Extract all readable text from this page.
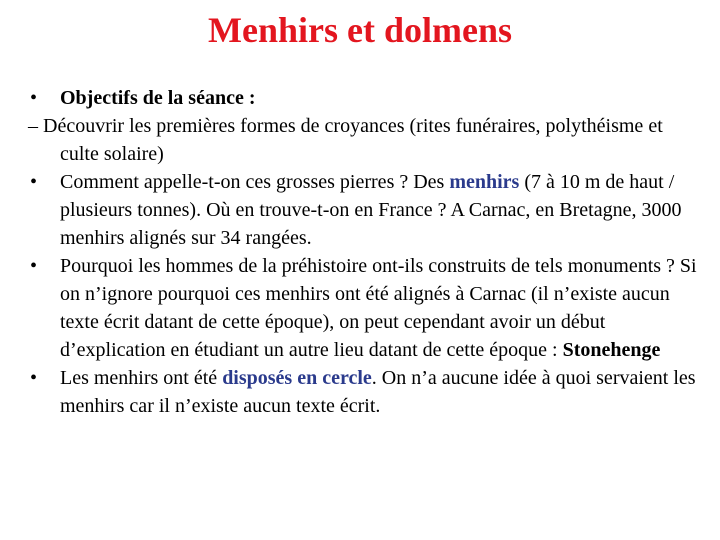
Menhirs et dolmens
•	Objectifs de la séance :
– Découvrir les premières formes de croyances (rites funéraires, polythéisme et culte solaire)
•	Comment appelle-t-on ces grosses pierres ? Des menhirs (7 à 10 m de haut / plusieurs tonnes). Où en trouve-t-on en France ? A Carnac, en Bretagne, 3000 menhirs alignés sur 34 rangées.
•	Pourquoi les hommes de la préhistoire ont-ils construits de tels monuments ? Si on n’ignore pourquoi ces menhirs ont été alignés à Carnac (il n’existe aucun texte écrit datant de cette époque), on peut cependant avoir un début d’explication en étudiant un autre lieu datant de cette époque : Stonehenge
•	Les menhirs ont été disposés en cercle. On n’a aucune idée à quoi servaient les menhirs car il n’existe aucun texte écrit.
